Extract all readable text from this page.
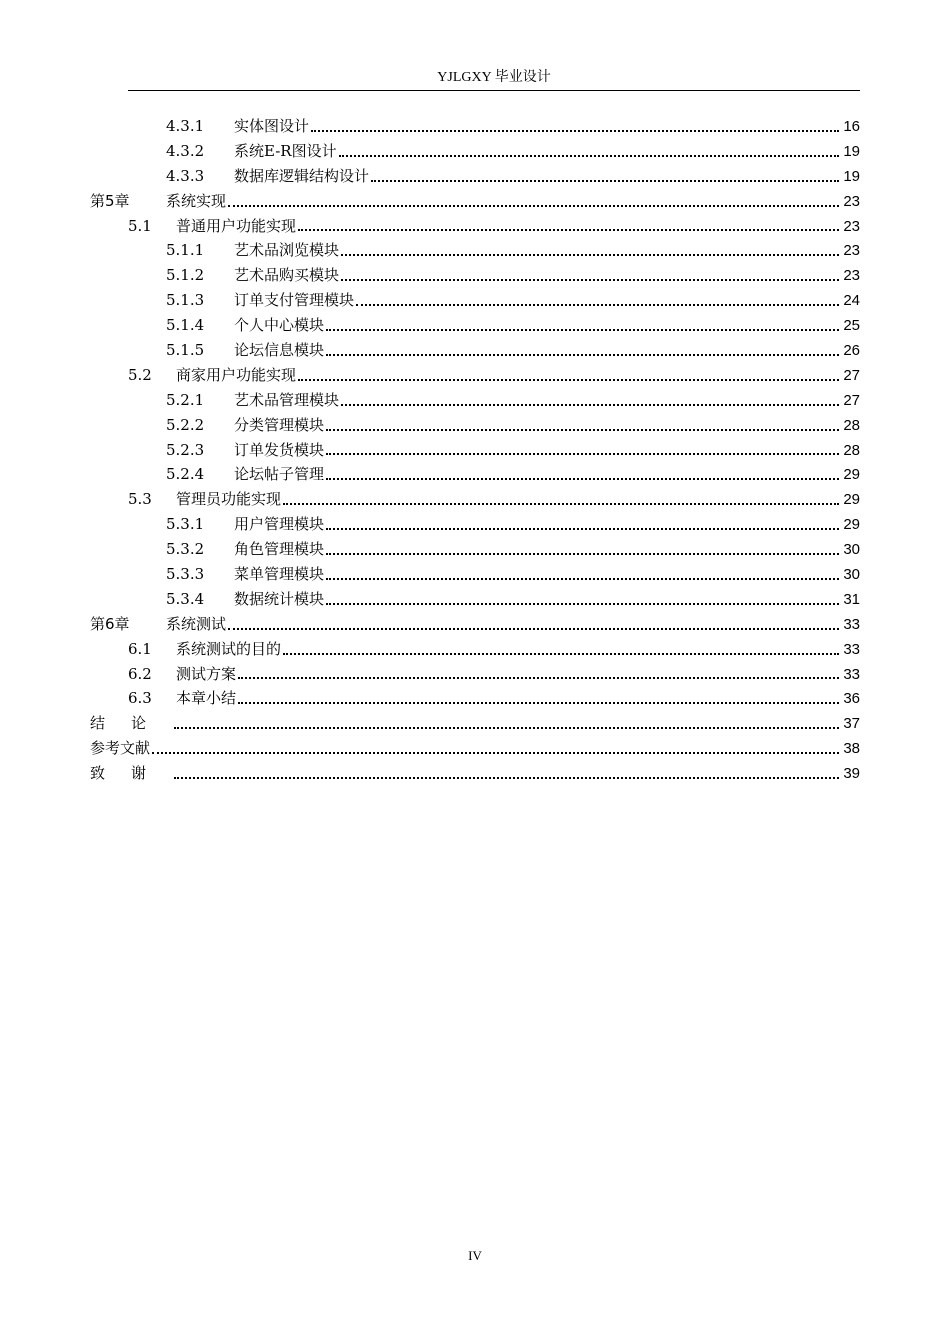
YJLGXY 毕业设计
4.3.1	实体图设计	16
4.3.2	系统E-R图设计	19
4.3.3	数据库逻辑结构设计	19
第5章	系统实现	23
5.1	普通用户功能实现	23
5.1.1	艺术品浏览模块	23
5.1.2	艺术品购买模块	23
5.1.3	订单支付管理模块	24
5.1.4	个人中心模块	25
5.1.5	论坛信息模块	26
5.2	商家用户功能实现	27
5.2.1	艺术品管理模块	27
5.2.2	分类管理模块	28
5.2.3	订单发货模块	28
5.2.4	论坛帖子管理	29
5.3	管理员功能实现	29
5.3.1	用户管理模块	29
5.3.2	角色管理模块	30
5.3.3	菜单管理模块	30
5.3.4	数据统计模块	31
第6章	系统测试	33
6.1	系统测试的目的	33
6.2	测试方案	33
6.3	本章小结	36
结论	37
参考文献	38
致谢	39
IV
